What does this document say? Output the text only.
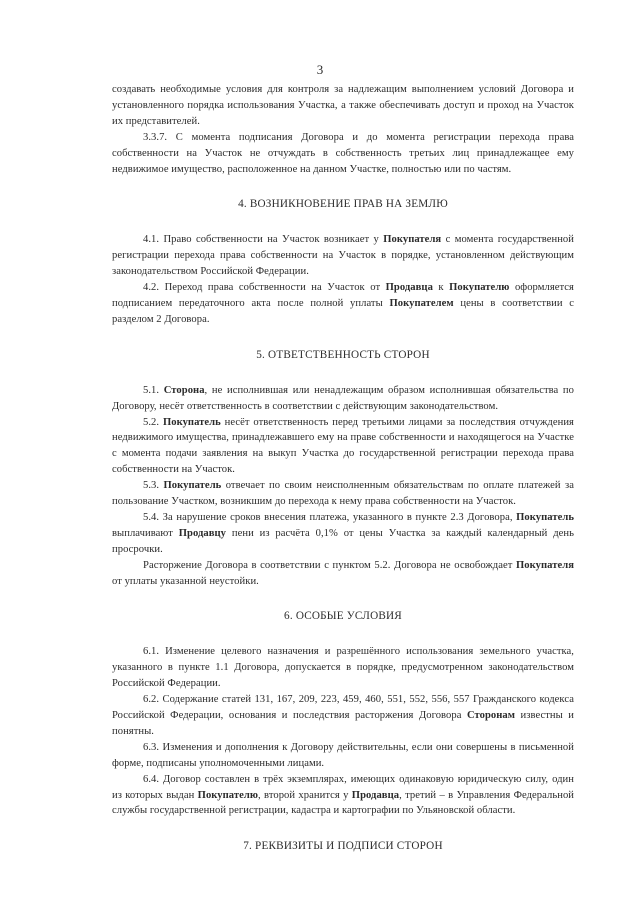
3

создавать необходимые условия для контроля за надлежащим выполнением условий Договора и установленного порядка использования Участка, а также обеспечивать доступ и проход на Участок их представителей.

3.3.7. С момента подписания Договора и до момента регистрации перехода права собственности на Участок не отчуждать в собственность третьих лиц принадлежащее ему недвижимое имущество, расположенное на данном Участке, полностью или по частям.

4. ВОЗНИКНОВЕНИЕ ПРАВ НА ЗЕМЛЮ

4.1. Право собственности на Участок возникает у Покупателя с момента государственной регистрации перехода права собственности на Участок в порядке, установленном действующим законодательством Российской Федерации.

4.2. Переход права собственности на Участок от Продавца к Покупателю оформляется подписанием передаточного акта после полной уплаты Покупателем цены в соответствии с разделом 2 Договора.

5. ОТВЕТСТВЕННОСТЬ СТОРОН

5.1. Сторона, не исполнившая или ненадлежащим образом исполнившая обязательства по Договору, несёт ответственность в соответствии с действующим законодательством.

5.2. Покупатель несёт ответственность перед третьими лицами за последствия отчуждения недвижимого имущества, принадлежавшего ему на праве собственности и находящегося на Участке с момента подачи заявления на выкуп Участка до государственной регистрации перехода права собственности на Участок.

5.3. Покупатель отвечает по своим неисполненным обязательствам по оплате платежей за пользование Участком, возникшим до перехода к нему права собственности на Участок.

5.4. За нарушение сроков внесения платежа, указанного в пункте 2.3 Договора, Покупатель выплачивают Продавцу пени из расчёта 0,1% от цены Участка за каждый календарный день просрочки.

Расторжение Договора в соответствии с пунктом 5.2. Договора не освобождает Покупателя от уплаты указанной неустойки.

6. ОСОБЫЕ УСЛОВИЯ

6.1. Изменение целевого назначения и разрешённого использования земельного участка, указанного в пункте 1.1 Договора, допускается в порядке, предусмотренном законодательством Российской Федерации.

6.2. Содержание статей 131, 167, 209, 223, 459, 460, 551, 552, 556, 557 Гражданского кодекса Российской Федерации, основания и последствия расторжения Договора Сторонам известны и понятны.

6.3. Изменения и дополнения к Договору действительны, если они совершены в письменной форме, подписаны уполномоченными лицами.

6.4. Договор составлен в трёх экземплярах, имеющих одинаковую юридическую силу, один из которых выдан Покупателю, второй хранится у Продавца, третий – в Управления Федеральной службы государственной регистрации, кадастра и картографии по Ульяновской области.

7. РЕКВИЗИТЫ И ПОДПИСИ СТОРОН
